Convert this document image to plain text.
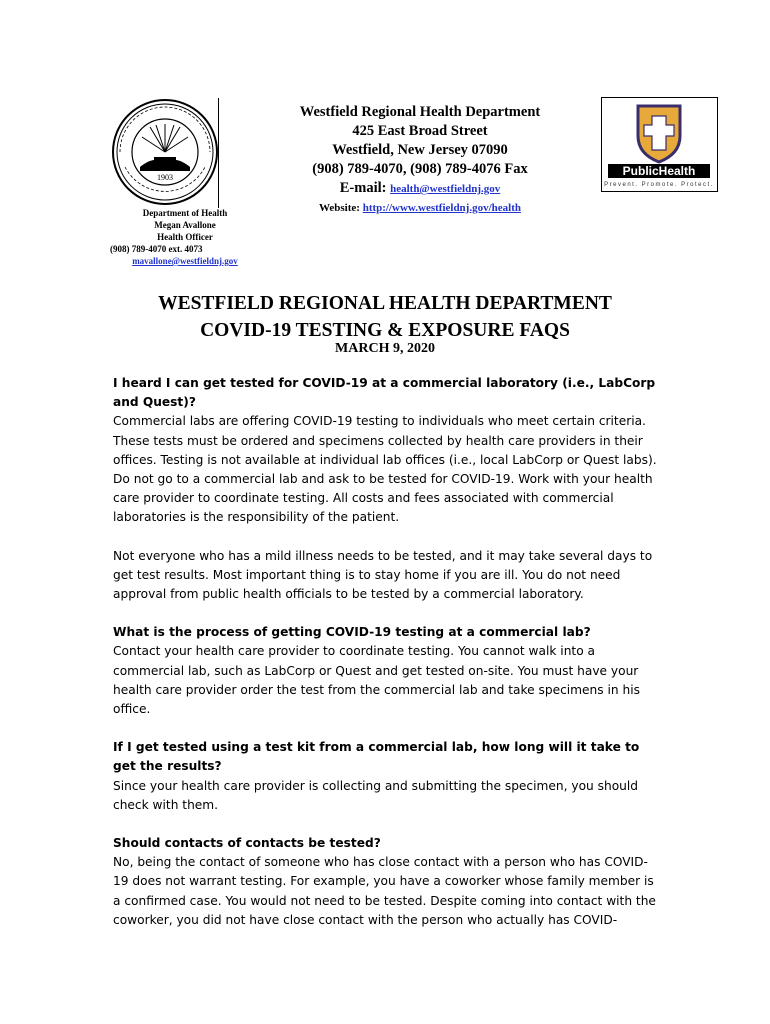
1903
Department of Health
Megan Avallone
Health Officer
(908) 789-4070 ext. 4073
mavallone@westfieldnj.gov
Westfield Regional Health Department
425 East Broad Street
Westfield, New Jersey 07090
(908) 789-4070, (908) 789-4076 Fax
E-mail: health@westfieldnj.gov
Website: http://www.westfieldnj.gov/health
PublicHealth
Prevent. Promote. Protect.
WESTFIELD REGIONAL HEALTH DEPARTMENT
COVID-19 TESTING & EXPOSURE FAQS
MARCH 9, 2020

I heard I can get tested for COVID-19 at a commercial laboratory (i.e., LabCorp and Quest)?

Commercial labs are offering COVID-19 testing to individuals who meet certain criteria. These tests must be ordered and specimens collected by health care providers in their offices. Testing is not available at individual lab offices (i.e., local LabCorp or Quest labs). Do not go to a commercial lab and ask to be tested for COVID-19. Work with your health care provider to coordinate testing. All costs and fees associated with commercial laboratories is the responsibility of the patient.

Not everyone who has a mild illness needs to be tested, and it may take several days to get test results. Most important thing is to stay home if you are ill. You do not need approval from public health officials to be tested by a commercial laboratory.

What is the process of getting COVID-19 testing at a commercial lab?

Contact your health care provider to coordinate testing. You cannot walk into a commercial lab, such as LabCorp or Quest and get tested on-site. You must have your health care provider order the test from the commercial lab and take specimens in his office.

If I get tested using a test kit from a commercial lab, how long will it take to get the results?

Since your health care provider is collecting and submitting the specimen, you should check with them.

Should contacts of contacts be tested?

No, being the contact of someone who has close contact with a person who has COVID-19 does not warrant testing. For example, you have a coworker whose family member is a confirmed case. You would not need to be tested. Despite coming into contact with the coworker, you did not have close contact with the person who actually has COVID-
